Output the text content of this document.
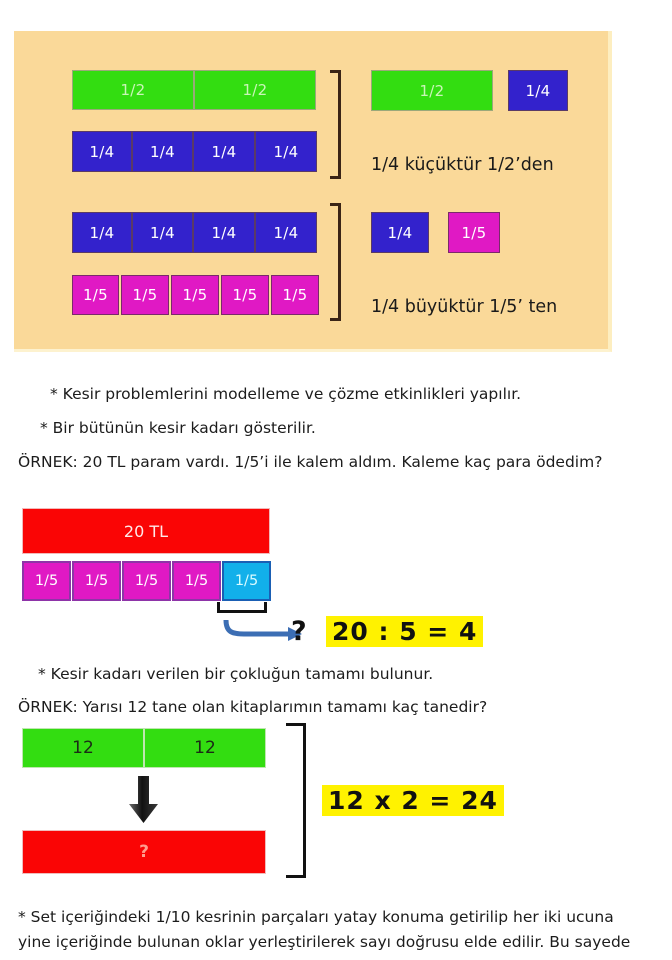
1/2	1/2
1/4	1/4	1/4	1/4
1/2	1/4
1/4 küçüktür 1/2’den
1/4	1/4	1/4	1/4
1/5	1/5	1/5	1/5	1/5
1/4	1/5
1/4 büyüktür 1/5’ ten
* Kesir problemlerini modelleme ve çözme etkinlikleri yapılır.
* Bir bütünün kesir kadarı gösterilir.
ÖRNEK: 20 TL param vardı. 1/5’i ile kalem aldım. Kaleme kaç para ödedim?
20 TL
1/5	1/5	1/5	1/5	1/5
? 20 : 5 = 4
* Kesir kadarı verilen bir çokluğun tamamı bulunur.
ÖRNEK: Yarısı 12 tane olan kitaplarımın tamamı kaç tanedir?
12	12
?
12 x 2 = 24
* Set içeriğindeki 1/10 kesrinin parçaları yatay konuma getirilip her iki ucuna yine içeriğinde bulunan oklar yerleştirilerek sayı doğrusu elde edilir. Bu sayede
